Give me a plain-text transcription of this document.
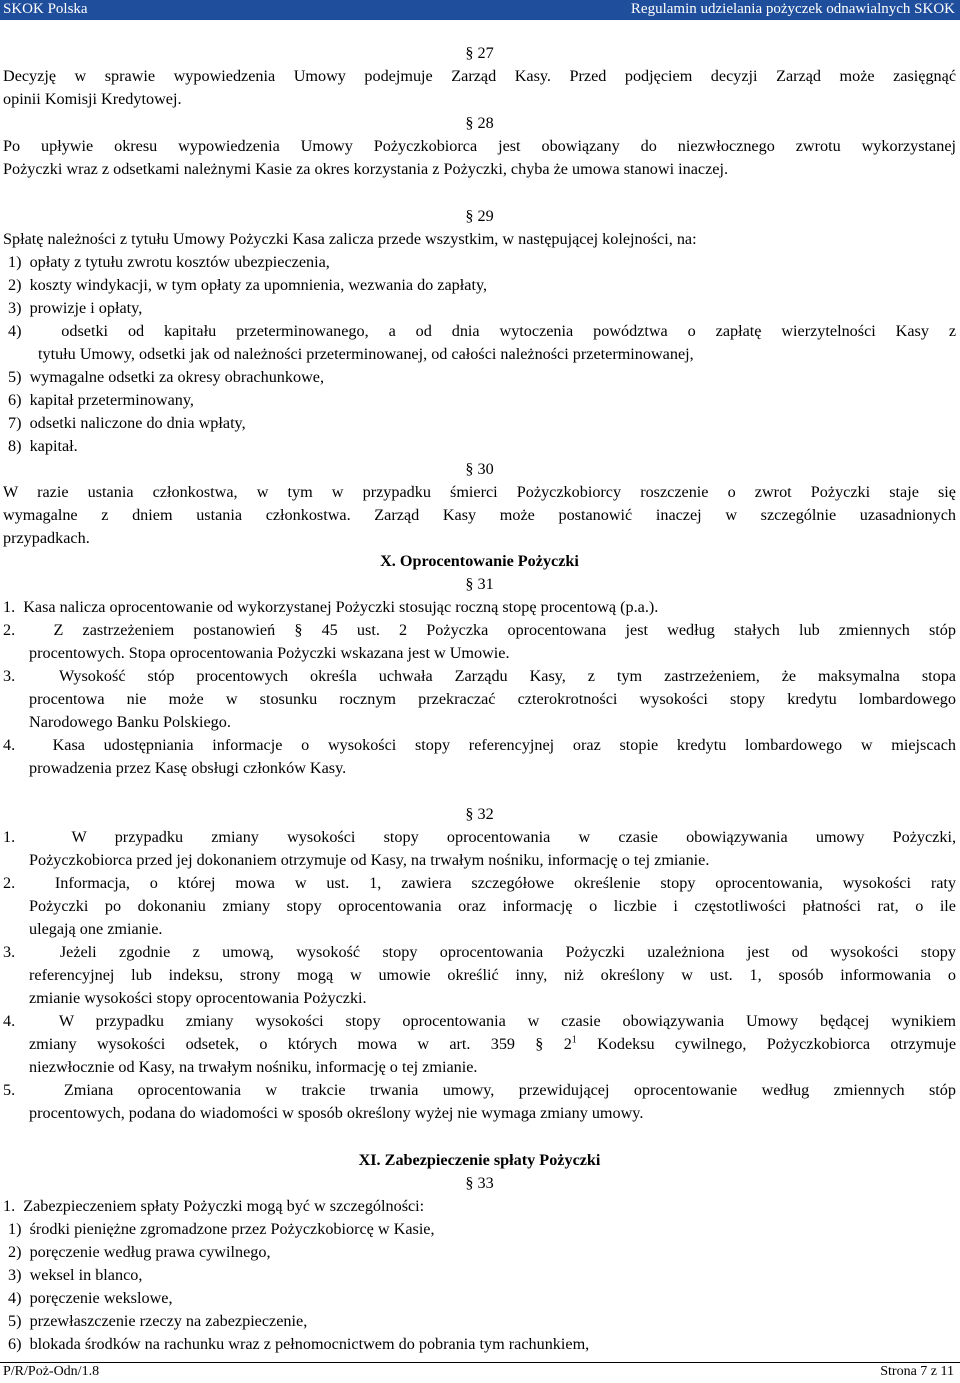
SKOK Polska	Regulamin udzielania pożyczek odnawialnych SKOK
§ 27
Decyzję w sprawie wypowiedzenia Umowy podejmuje Zarząd Kasy. Przed podjęciem decyzji Zarząd może zasięgnąć
opinii Komisji Kredytowej.
§ 28
Po upływie okresu wypowiedzenia Umowy Pożyczkobiorca jest obowiązany do niezwłocznego zwrotu wykorzystanej
Pożyczki wraz z odsetkami należnymi Kasie za okres korzystania z Pożyczki, chyba że umowa stanowi inaczej.
§ 29
Spłatę należności z tytułu Umowy Pożyczki Kasa zalicza przede wszystkim, w następującej kolejności, na:
1)  opłaty z tytułu zwrotu kosztów ubezpieczenia,
2)  koszty windykacji, w tym opłaty za upomnienia, wezwania do zapłaty,
3)  prowizje i opłaty,
4)  odsetki od kapitału przeterminowanego, a od dnia wytoczenia powództwa o zapłatę wierzytelności Kasy z
tytułu Umowy, odsetki jak od należności przeterminowanej, od całości należności przeterminowanej,
5)  wymagalne odsetki za okresy obrachunkowe,
6)  kapitał przeterminowany,
7)  odsetki naliczone do dnia wpłaty,
8)  kapitał.
§ 30
W razie ustania członkostwa, w tym w przypadku śmierci Pożyczkobiorcy roszczenie o zwrot Pożyczki staje się
wymagalne z dniem ustania członkostwa. Zarząd Kasy może postanowić inaczej w szczególnie uzasadnionych
przypadkach.
X. Oprocentowanie Pożyczki
§ 31
1.  Kasa nalicza oprocentowanie od wykorzystanej Pożyczki stosując roczną stopę procentową (p.a.).
2.  Z zastrzeżeniem postanowień § 45 ust. 2 Pożyczka oprocentowana jest według stałych lub zmiennych stóp
procentowych. Stopa oprocentowania Pożyczki wskazana jest w Umowie.
3.  Wysokość stóp procentowych określa uchwała Zarządu Kasy, z tym zastrzeżeniem, że maksymalna stopa
procentowa nie może w stosunku rocznym przekraczać czterokrotności wysokości stopy kredytu lombardowego
Narodowego Banku Polskiego.
4.  Kasa udostępniania informacje o wysokości stopy referencyjnej oraz stopie kredytu lombardowego w miejscach
prowadzenia przez Kasę obsługi członków Kasy.
§ 32
1.  W przypadku zmiany wysokości stopy oprocentowania w czasie obowiązywania umowy Pożyczki,
Pożyczkobiorca przed jej dokonaniem otrzymuje od Kasy, na trwałym nośniku, informację o tej zmianie.
2.  Informacja, o której mowa w ust. 1, zawiera szczegółowe określenie stopy oprocentowania, wysokości raty
Pożyczki po dokonaniu zmiany stopy oprocentowania oraz informację o liczbie i częstotliwości płatności rat, o ile
ulegają one zmianie.
3.  Jeżeli zgodnie z umową, wysokość stopy oprocentowania Pożyczki uzależniona jest od wysokości stopy
referencyjnej lub indeksu, strony mogą w umowie określić inny, niż określony w ust. 1, sposób informowania o
zmianie wysokości stopy oprocentowania Pożyczki.
4.  W przypadku zmiany wysokości stopy oprocentowania w czasie obowiązywania Umowy będącej wynikiem
zmiany wysokości odsetek, o których mowa w art. 359 § $2^1$ Kodeksu cywilnego, Pożyczkobiorca otrzymuje
niezwłocznie od Kasy, na trwałym nośniku, informację o tej zmianie.
5.  Zmiana oprocentowania w trakcie trwania umowy, przewidującej oprocentowanie według zmiennych stóp
procentowych, podana do wiadomości w sposób określony wyżej nie wymaga zmiany umowy.
XI. Zabezpieczenie spłaty Pożyczki
§ 33
1.  Zabezpieczeniem spłaty Pożyczki mogą być w szczególności:
1)  środki pieniężne zgromadzone przez Pożyczkobiorcę w Kasie,
2)  poręczenie według prawa cywilnego,
3)  weksel in blanco,
4)  poręczenie wekslowe,
5)  przewłaszczenie rzeczy na zabezpieczenie,
6)  blokada środków na rachunku wraz z pełnomocnictwem do pobrania tym rachunkiem,
P/R/Poż-Odn/1.8	Strona 7 z 11
